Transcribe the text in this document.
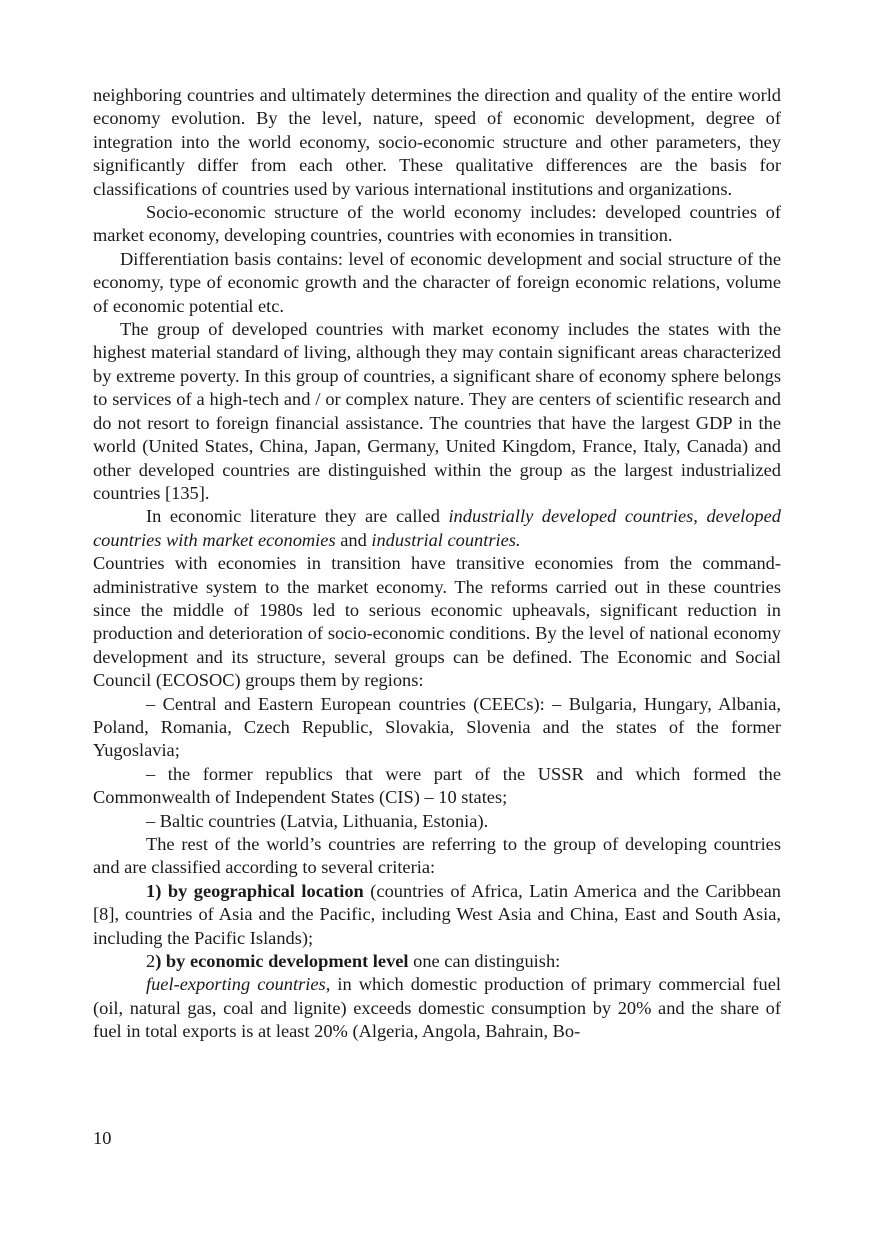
neighboring countries and ultimately determines the direction and quality of the entire world economy evolution. By the level, nature, speed of economic development, degree of integration into the world economy, socio-economic structure and other parameters, they significantly differ from each other. These qualitative differences are the basis for classifications of countries used by various international institutions and organizations.

Socio-economic structure of the world economy includes: developed countries of market economy, developing countries, countries with economies in transition.

Differentiation basis contains: level of economic development and social structure of the economy, type of economic growth and the character of foreign economic relations, volume of economic potential etc.

The group of developed countries with market economy includes the states with the highest material standard of living, although they may contain significant areas characterized by extreme poverty. In this group of countries, a significant share of economy sphere belongs to services of a high-tech and / or complex nature. They are centers of scientific research and do not resort to foreign financial assistance. The countries that have the largest GDP in the world (United States, China, Japan, Germany, United Kingdom, France, Italy, Canada) and other developed countries are distinguished within the group as the largest industrialized countries [135].

In economic literature they are called industrially developed countries, developed countries with market economies and industrial countries.

Countries with economies in transition have transitive economies from the command-administrative system to the market economy. The reforms carried out in these countries since the middle of 1980s led to serious economic upheavals, significant reduction in production and deterioration of socio-economic conditions. By the level of national economy development and its structure, several groups can be defined. The Economic and Social Council (ECOSOC) groups them by regions:

– Central and Eastern European countries (CEECs): – Bulgaria, Hungary, Albania, Poland, Romania, Czech Republic, Slovakia, Slovenia and the states of the former Yugoslavia;

– the former republics that were part of the USSR and which formed the Commonwealth of Independent States (CIS) – 10 states;

– Baltic countries (Latvia, Lithuania, Estonia).

The rest of the world’s countries are referring to the group of developing countries and are classified according to several criteria:

1) by geographical location (countries of Africa, Latin America and the Caribbean [8], countries of Asia and the Pacific, including West Asia and China, East and South Asia, including the Pacific Islands);

2) by economic development level one can distinguish:

fuel-exporting countries, in which domestic production of primary commercial fuel (oil, natural gas, coal and lignite) exceeds domestic consumption by 20% and the share of fuel in total exports is at least 20% (Algeria, Angola, Bahrain, Bo-

10
